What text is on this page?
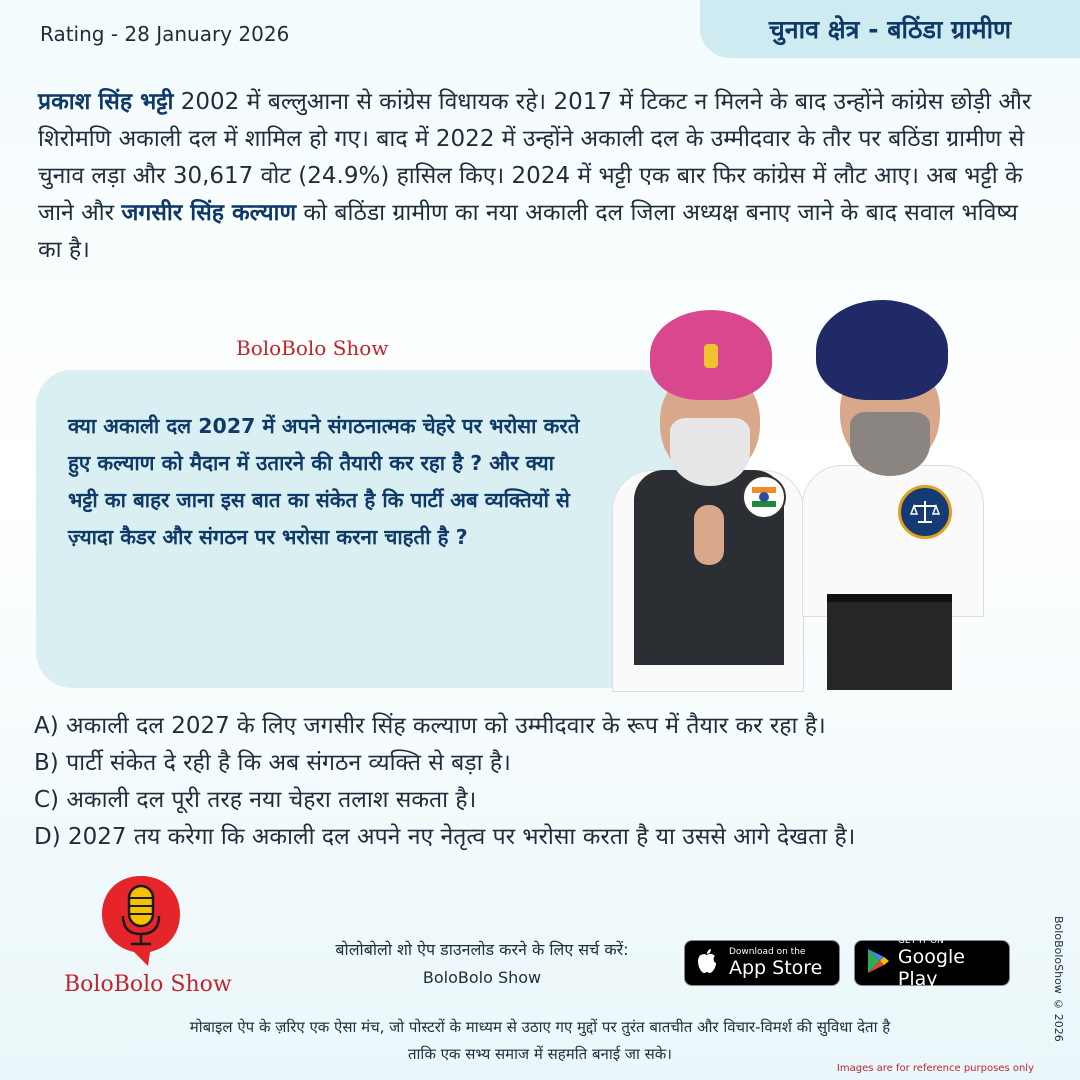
Rating - 28 January 2026	चुनाव क्षेत्र - बठिंडा ग्रामीण
प्रकाश सिंह भट्टी 2002 में बल्लुआना से कांग्रेस विधायक रहे। 2017 में टिकट न मिलने के बाद उन्होंने कांग्रेस छोड़ी और शिरोमणि अकाली दल में शामिल हो गए। बाद में 2022 में उन्होंने अकाली दल के उम्मीदवार के तौर पर बठिंडा ग्रामीण से चुनाव लड़ा और 30,617 वोट (24.9%) हासिल किए। 2024 में भट्टी एक बार फिर कांग्रेस में लौट आए। अब भट्टी के जाने और जगसीर सिंह कल्याण को बठिंडा ग्रामीण का नया अकाली दल जिला अध्यक्ष बनाए जाने के बाद सवाल भविष्य का है।
BoloBolo Show
क्या अकाली दल 2027 में अपने संगठनात्मक चेहरे पर भरोसा करते हुए कल्याण को मैदान में उतारने की तैयारी कर रहा है ? और क्या भट्टी का बाहर जाना इस बात का संकेत है कि पार्टी अब व्यक्तियों से ज़्यादा कैडर और संगठन पर भरोसा करना चाहती है ?
A) अकाली दल 2027 के लिए जगसीर सिंह कल्याण को उम्मीदवार के रूप में तैयार कर रहा है।
B) पार्टी संकेत दे रही है कि अब संगठन व्यक्ति से बड़ा है।
C) अकाली दल पूरी तरह नया चेहरा तलाश सकता है।
D) 2027 तय करेगा कि अकाली दल अपने नए नेतृत्व पर भरोसा करता है या उससे आगे देखता है।
BoloBolo Show
बोलोबोलो शो ऐप डाउनलोड करने के लिए सर्च करें:
BoloBolo Show
Download on the
App Store
GET IT ON
Google Play
मोबाइल ऐप के ज़रिए एक ऐसा मंच, जो पोस्टरों के माध्यम से उठाए गए मुद्दों पर तुरंत बातचीत और विचार-विमर्श की सुविधा देता है
ताकि एक सभ्य समाज में सहमति बनाई जा सके।
Images are for reference purposes only
BoloBoloShow © 2026
